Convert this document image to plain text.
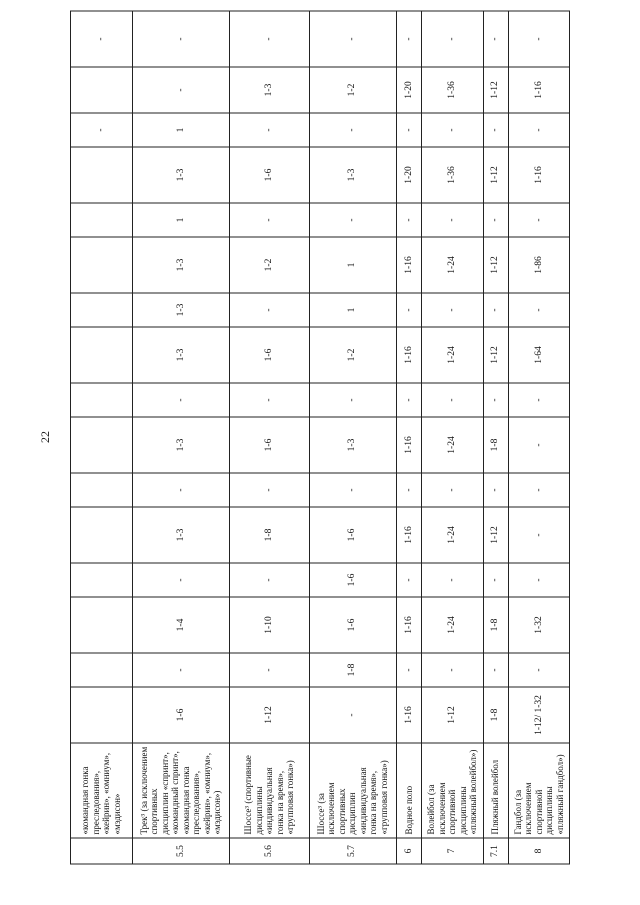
22
	«командная гонка преследования», «кейрин», «омниум», «мэдисон»														-		-
5.5	Трек³ (за исключением спортивных дисциплин «спринт», «командный спринт», «командная гонка преследования», «кейрин», «омниум», «мэдисон»)	1-6	-	1-4	-	1-3	-	1-3	-	1-3	1-3	1-3	1	1-3	1	-	-
5.6	Шоссе³ (спортивные дисциплины «индивидуальная гонка на время», «групповая гонка»)	1-12	-	1-10	-	1-8	-	1-6	-	1-6	-	1-2	-	1-6	-	1-3	-
5.7	Шоссе³ (за исключением спортивных дисциплин «индивидуальная гонка на время», «групповая гонка»)	-	1-8	1-6	1-6	1-6	-	1-3	-	1-2	1	1	-	1-3	-	1-2	-
6	Водное поло	1-16	-	1-16	-	1-16	-	1-16	-	1-16	-	1-16	-	1-20	-	1-20	-
7	Волейбол (за исключением спортивной дисциплины «пляжный волейбол»)	1-12	-	1-24	-	1-24	-	1-24	-	1-24	-	1-24	-	1-36	-	1-36	-
7.1	Пляжный волейбол	1-8	-	1-8	-	1-12	-	1-8	-	1-12	-	1-12	-	1-12	-	1-12	-
8	Гандбол (за исключением спортивной дисциплины «пляжный гандбол»)	1-12/ 1-32	-	1-32	-	-	-	-	-	1-64	-	1-86	-	1-16	-	1-16	-
